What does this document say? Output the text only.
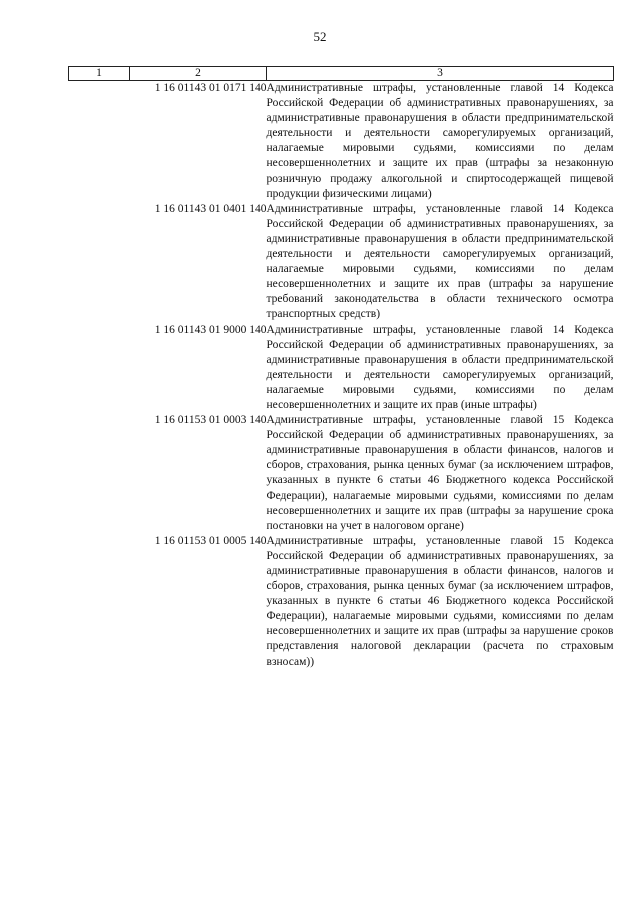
52
1	2	3
	1 16 01143 01 0171 140	Административные штрафы, установленные главой 14 Кодекса Российской Федерации об административных правонарушениях, за административные правонарушения в области предпринимательской деятельности и деятельности саморегулируемых организаций, налагаемые мировыми судьями, комиссиями по делам несовершеннолетних и защите их прав (штрафы за незаконную розничную продажу алкогольной и спиртосодержащей пищевой продукции физическими лицами)
	1 16 01143 01 0401 140	Административные штрафы, установленные главой 14 Кодекса Российской Федерации об административных правонарушениях, за административные правонарушения в области предпринимательской деятельности и деятельности саморегулируемых организаций, налагаемые мировыми судьями, комиссиями по делам несовершеннолетних и защите их прав (штрафы за нарушение требований законодательства в области технического осмотра транспортных средств)
	1 16 01143 01 9000 140	Административные штрафы, установленные главой 14 Кодекса Российской Федерации об административных правонарушениях, за административные правонарушения в области предпринимательской деятельности и деятельности саморегулируемых организаций, налагаемые мировыми судьями, комиссиями по делам несовершеннолетних и защите их прав (иные штрафы)
	1 16 01153 01 0003 140	Административные штрафы, установленные главой 15 Кодекса Российской Федерации об административных правонарушениях, за административные правонарушения в области финансов, налогов и сборов, страхования, рынка ценных бумаг (за исключением штрафов, указанных в пункте 6 статьи 46 Бюджетного кодекса Российской Федерации), налагаемые мировыми судьями, комиссиями по делам несовершеннолетних и защите их прав (штрафы за нарушение срока постановки на учет в налоговом органе)
	1 16 01153 01 0005 140	Административные штрафы, установленные главой 15 Кодекса Российской Федерации об административных правонарушениях, за административные правонарушения в области финансов, налогов и сборов, страхования, рынка ценных бумаг (за исключением штрафов, указанных в пункте 6 статьи 46 Бюджетного кодекса Российской Федерации), налагаемые мировыми судьями, комиссиями по делам несовершеннолетних и защите их прав (штрафы за нарушение сроков представления налоговой декларации (расчета по страховым взносам))
